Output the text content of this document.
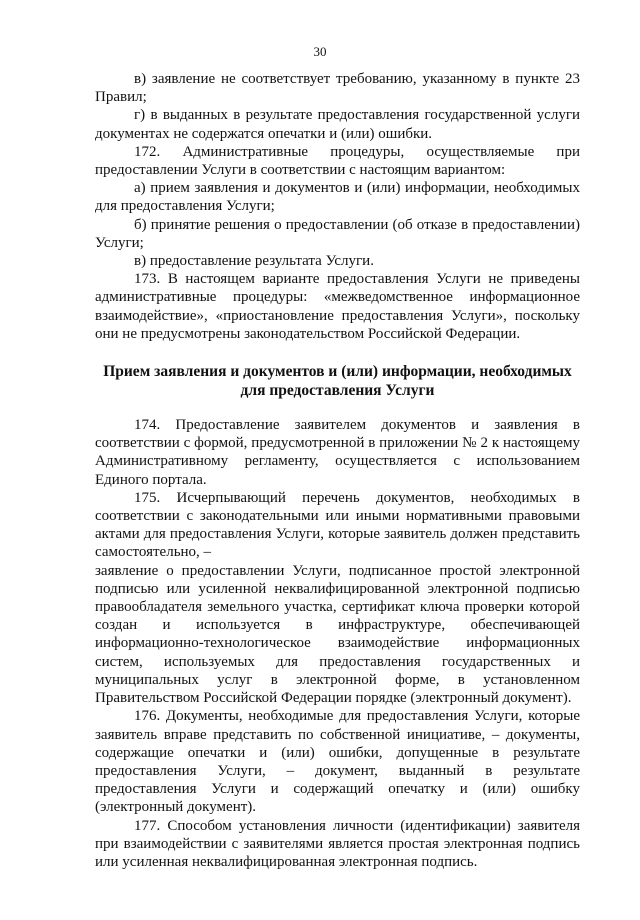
30

в) заявление не соответствует требованию, указанному в пункте 23 Правил;

г) в выданных в результате предоставления государственной услуги документах не содержатся опечатки и (или) ошибки.

172. Административные процедуры, осуществляемые при предоставлении Услуги в соответствии с настоящим вариантом:

а) прием заявления и документов и (или) информации, необходимых для предоставления Услуги;

б) принятие решения о предоставлении (об отказе в предоставлении) Услуги;

в) предоставление результата Услуги.

173. В настоящем варианте предоставления Услуги не приведены административные процедуры: «межведомственное информационное взаимодействие», «приостановление предоставления Услуги», поскольку они не предусмотрены законодательством Российской Федерации.

Прием заявления и документов и (или) информации, необходимых для предоставления Услуги

174. Предоставление заявителем документов и заявления в соответствии с формой, предусмотренной в приложении № 2 к настоящему Административному регламенту, осуществляется с использованием Единого портала.

175. Исчерпывающий перечень документов, необходимых в соответствии с законодательными или иными нормативными правовыми актами для предоставления Услуги, которые заявитель должен представить самостоятельно, –

заявление о предоставлении Услуги, подписанное простой электронной подписью или усиленной неквалифицированной электронной подписью правообладателя земельного участка, сертификат ключа проверки которой создан и используется в инфраструктуре, обеспечивающей информационно-технологическое взаимодействие информационных систем, используемых для предоставления государственных и муниципальных услуг в электронной форме, в установленном Правительством Российской Федерации порядке (электронный документ).

176. Документы, необходимые для предоставления Услуги, которые заявитель вправе представить по собственной инициативе, – документы, содержащие опечатки и (или) ошибки, допущенные в результате предоставления Услуги, – документ, выданный в результате предоставления Услуги и содержащий опечатку и (или) ошибку (электронный документ).

177. Способом установления личности (идентификации) заявителя при взаимодействии с заявителями является простая электронная подпись или усиленная неквалифицированная электронная подпись.
